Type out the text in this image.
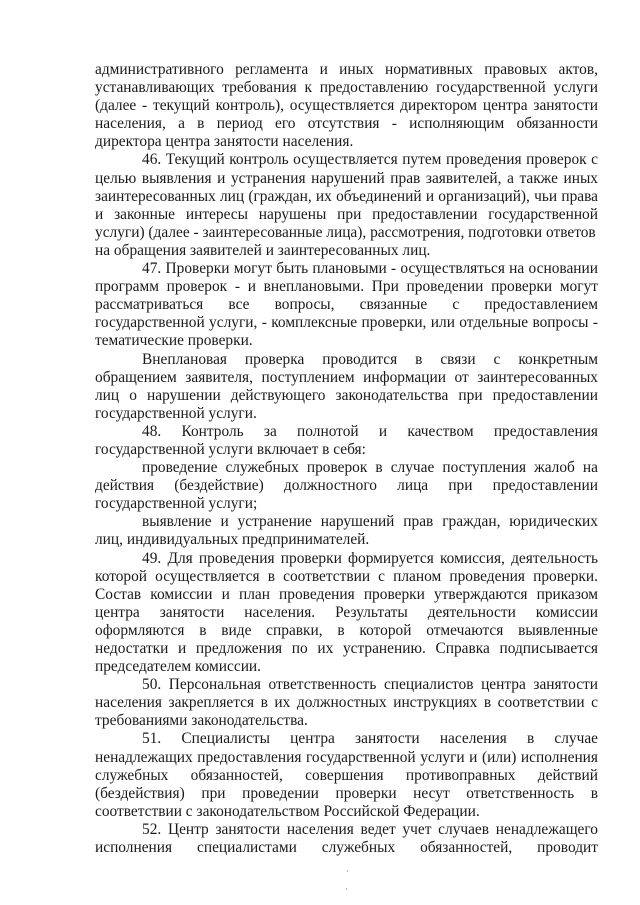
административного регламента и иных нормативных правовых актов, устанавливающих требования к предоставлению государственной услуги (далее - текущий контроль), осуществляется директором центра занятости населения, а в период его отсутствия - исполняющим обязанности директора центра занятости населения.

46. Текущий контроль осуществляется путем проведения проверок с целью выявления и устранения нарушений прав заявителей, а также иных заинтересованных лиц (граждан, их объединений и организаций), чьи права и законные интересы нарушены при предоставлении государственной услуги) (далее - заинтересованные лица), рассмотрения, подготовки ответов

на обращения заявителей и заинтересованных лиц.

47. Проверки могут быть плановыми - осуществляться на основании программ проверок - и внеплановыми. При проведении проверки могут рассматриваться все вопросы, связанные с предоставлением государственной услуги, - комплексные проверки, или отдельные вопросы - тематические проверки.

Внеплановая проверка проводится в связи с конкретным обращением заявителя, поступлением информации от заинтересованных лиц о нарушении действующего законодательства при предоставлении государственной услуги.

48. Контроль за полнотой и качеством предоставления государственной услуги включает в себя:

проведение служебных проверок в случае поступления жалоб на действия (бездействие) должностного лица при предоставлении государственной услуги;

выявление и устранение нарушений прав граждан, юридических лиц, индивидуальных предпринимателей.

49. Для проведения проверки формируется комиссия, деятельность которой осуществляется в соответствии с планом проведения проверки. Состав комиссии и план проведения проверки утверждаются приказом центра занятости населения. Результаты деятельности комиссии оформляются в виде справки, в которой отмечаются выявленные недостатки и предложения по их устранению. Справка подписывается председателем комиссии.

50. Персональная ответственность специалистов центра занятости населения закрепляется в их должностных инструкциях в соответствии с требованиями законодательства.

51. Специалисты центра занятости населения в случае ненадлежащих предоставления государственной услуги и (или) исполнения служебных обязанностей, совершения противоправных действий (бездействия) при проведении проверки несут ответственность в соответствии с законодательством Российской Федерации.

52. Центр занятости населения ведет учет случаев ненадлежащего исполнения специалистами служебных обязанностей, проводит

·
·
